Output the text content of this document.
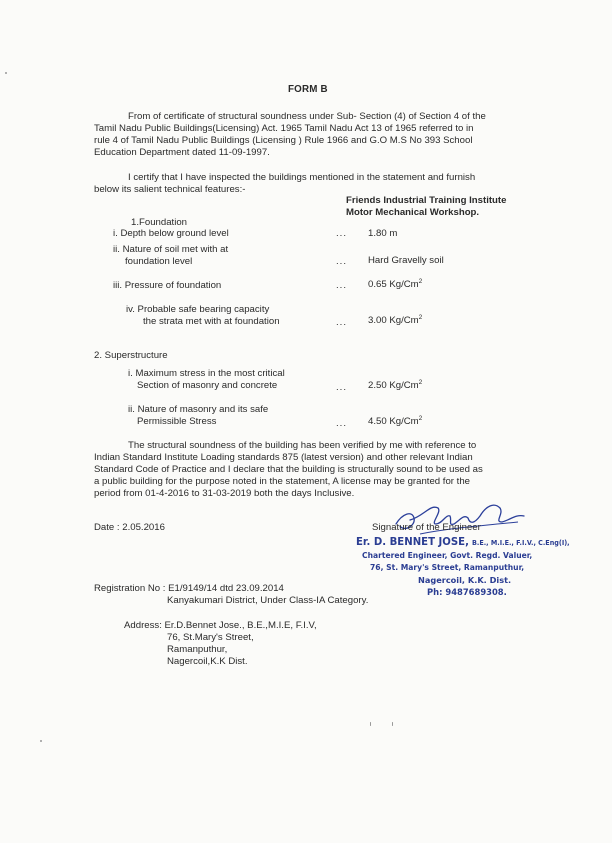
FORM B
From of certificate of structural soundness under Sub- Section (4) of Section 4 of the
Tamil Nadu Public Buildings(Licensing) Act. 1965 Tamil Nadu Act 13 of 1965 referred to in
rule 4 of Tamil Nadu Public Buildings (Licensing ) Rule 1966 and G.O M.S No 393 School
Education Department dated 11-09-1997.
I certify that I have inspected the buildings mentioned in the statement and furnish
below its salient technical features:-
Friends Industrial Training Institute
Motor Mechanical Workshop.
1.Foundation
i. Depth below ground level	... 1.80 m
ii. Nature of soil met with at
foundation level	... Hard Gravelly soil
iii. Pressure of foundation	... 0.65 Kg/Cm$^2$
iv. Probable safe bearing capacity
the strata met with at foundation	... 3.00 Kg/Cm$^2$
2. Superstructure
i. Maximum stress in the most critical
Section of masonry and concrete	... 2.50 Kg/Cm$^2$
ii. Nature of masonry and its safe
Permissible Stress	... 4.50 Kg/Cm$^2$
The structural soundness of the building has been verified by me with reference to
Indian Standard Institute Loading standards 875 (latest version) and other relevant Indian
Standard Code of Practice and I declare that the building is structurally sound to be used as
a public building for the purpose noted in the statement, A license may be granted for the
period from 01-4-2016 to 31-03-2019 both the days Inclusive.
Date : 2.05.2016	Signature of the Engineer
Er. D. BENNET JOSE, B.E., M.I.E., F.I.V., C.Eng(I),
Chartered Engineer, Govt. Regd. Valuer,
76, St. Mary's Street, Ramanputhur,
Nagercoil, K.K. Dist.
Ph: 9487689308.
Registration No : E1/9149/14 dtd 23.09.2014
Kanyakumari District, Under Class-IA Category.
Address: Er.D.Bennet Jose., B.E.,M.I.E, F.I.V,
76, St.Mary's Street,
Ramanputhur,
Nagercoil,K.K Dist.
